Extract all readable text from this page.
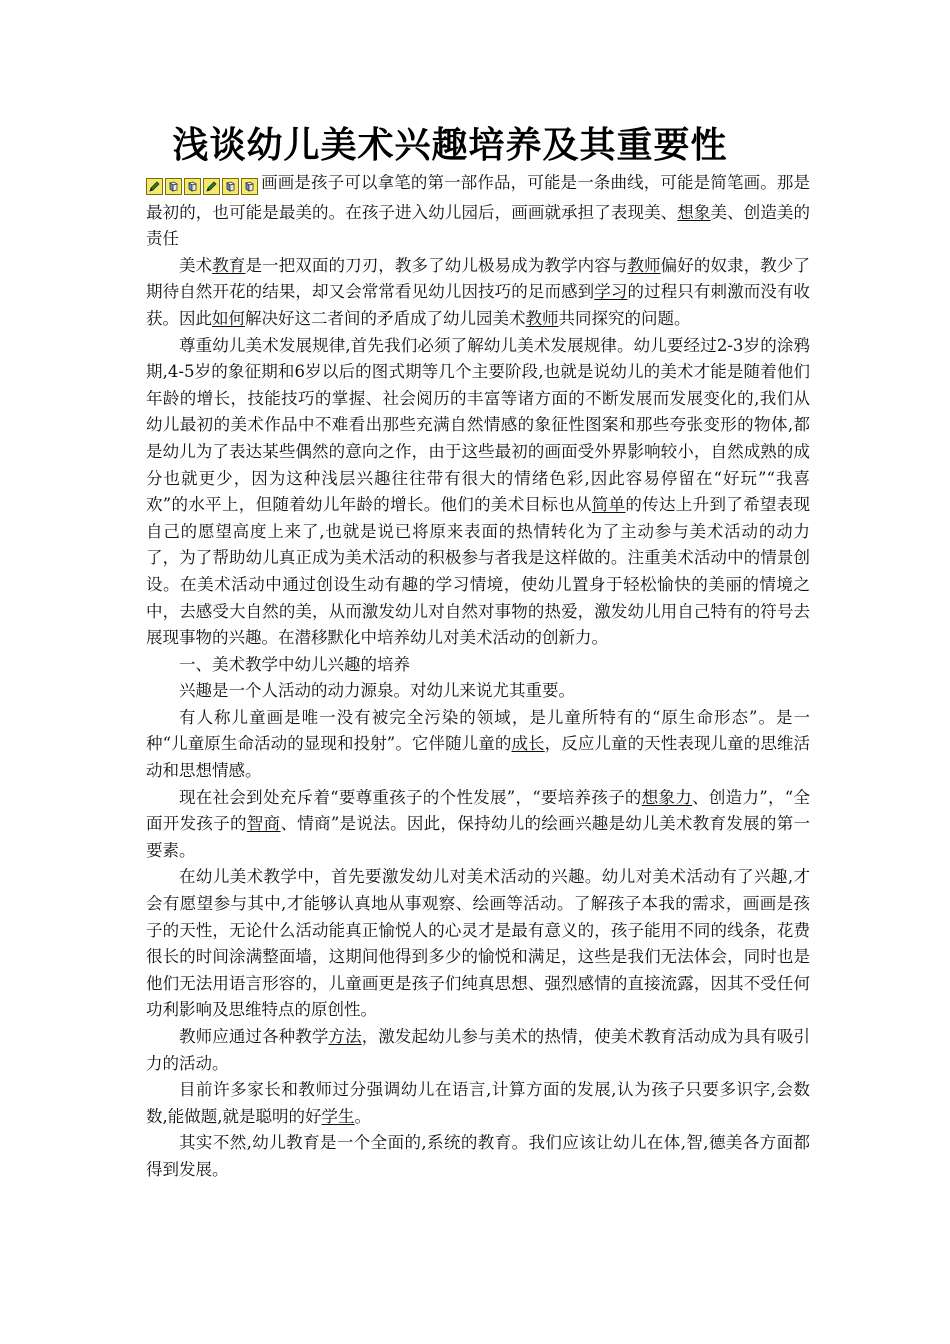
浅谈幼儿美术兴趣培养及其重要性

画画是孩子可以拿笔的第一部作品，可能是一条曲线，可能是简笔画。那是最初的，也可能是最美的。在孩子进入幼儿园后，画画就承担了表现美、想象美、创造美的责任

美术教育是一把双面的刀刃，教多了幼儿极易成为教学内容与教师偏好的奴隶，教少了期待自然开花的结果，却又会常常看见幼儿因技巧的足而感到学习的过程只有刺激而没有收获。因此如何解决好这二者间的矛盾成了幼儿园美术教师共同探究的问题。

尊重幼儿美术发展规律,首先我们必须了解幼儿美术发展规律。幼儿要经过2-3岁的涂鸦期,4-5岁的象征期和6岁以后的图式期等几个主要阶段,也就是说幼儿的美术才能是随着他们年龄的增长，技能技巧的掌握、社会阅历的丰富等诸方面的不断发展而发展变化的,我们从幼儿最初的美术作品中不难看出那些充满自然情感的象征性图案和那些夸张变形的物体,都是幼儿为了表达某些偶然的意向之作，由于这些最初的画面受外界影响较小，自然成熟的成分也就更少，因为这种浅层兴趣往往带有很大的情绪色彩,因此容易停留在“好玩”“我喜欢”的水平上，但随着幼儿年龄的增长。他们的美术目标也从简单的传达上升到了希望表现自己的愿望高度上来了,也就是说已将原来表面的热情转化为了主动参与美术活动的动力了，为了帮助幼儿真正成为美术活动的积极参与者我是这样做的。注重美术活动中的情景创设。在美术活动中通过创设生动有趣的学习情境，使幼儿置身于轻松愉快的美丽的情境之中，去感受大自然的美，从而激发幼儿对自然对事物的热爱，激发幼儿用自己特有的符号去展现事物的兴趣。在潜移默化中培养幼儿对美术活动的创新力。

一、美术教学中幼儿兴趣的培养

兴趣是一个人活动的动力源泉。对幼儿来说尤其重要。

有人称儿童画是唯一没有被完全污染的领域，是儿童所特有的“原生命形态”。是一种“儿童原生命活动的显现和投射”。它伴随儿童的成长，反应儿童的天性表现儿童的思维活动和思想情感。

现在社会到处充斥着“要尊重孩子的个性发展”，“要培养孩子的想象力、创造力”，“全面开发孩子的智商、情商”是说法。因此，保持幼儿的绘画兴趣是幼儿美术教育发展的第一要素。

在幼儿美术教学中，首先要激发幼儿对美术活动的兴趣。幼儿对美术活动有了兴趣,才会有愿望参与其中,才能够认真地从事观察、绘画等活动。了解孩子本我的需求，画画是孩子的天性，无论什么活动能真正愉悦人的心灵才是最有意义的，孩子能用不同的线条，花费很长的时间涂满整面墙，这期间他得到多少的愉悦和满足，这些是我们无法体会，同时也是他们无法用语言形容的，儿童画更是孩子们纯真思想、强烈感情的直接流露，因其不受任何功利影响及思维特点的原创性。

教师应通过各种教学方法，激发起幼儿参与美术的热情，使美术教育活动成为具有吸引力的活动。

目前许多家长和教师过分强调幼儿在语言,计算方面的发展,认为孩子只要多识字,会数数,能做题,就是聪明的好学生。

其实不然,幼儿教育是一个全面的,系统的教育。我们应该让幼儿在体,智,德美各方面都得到发展。
